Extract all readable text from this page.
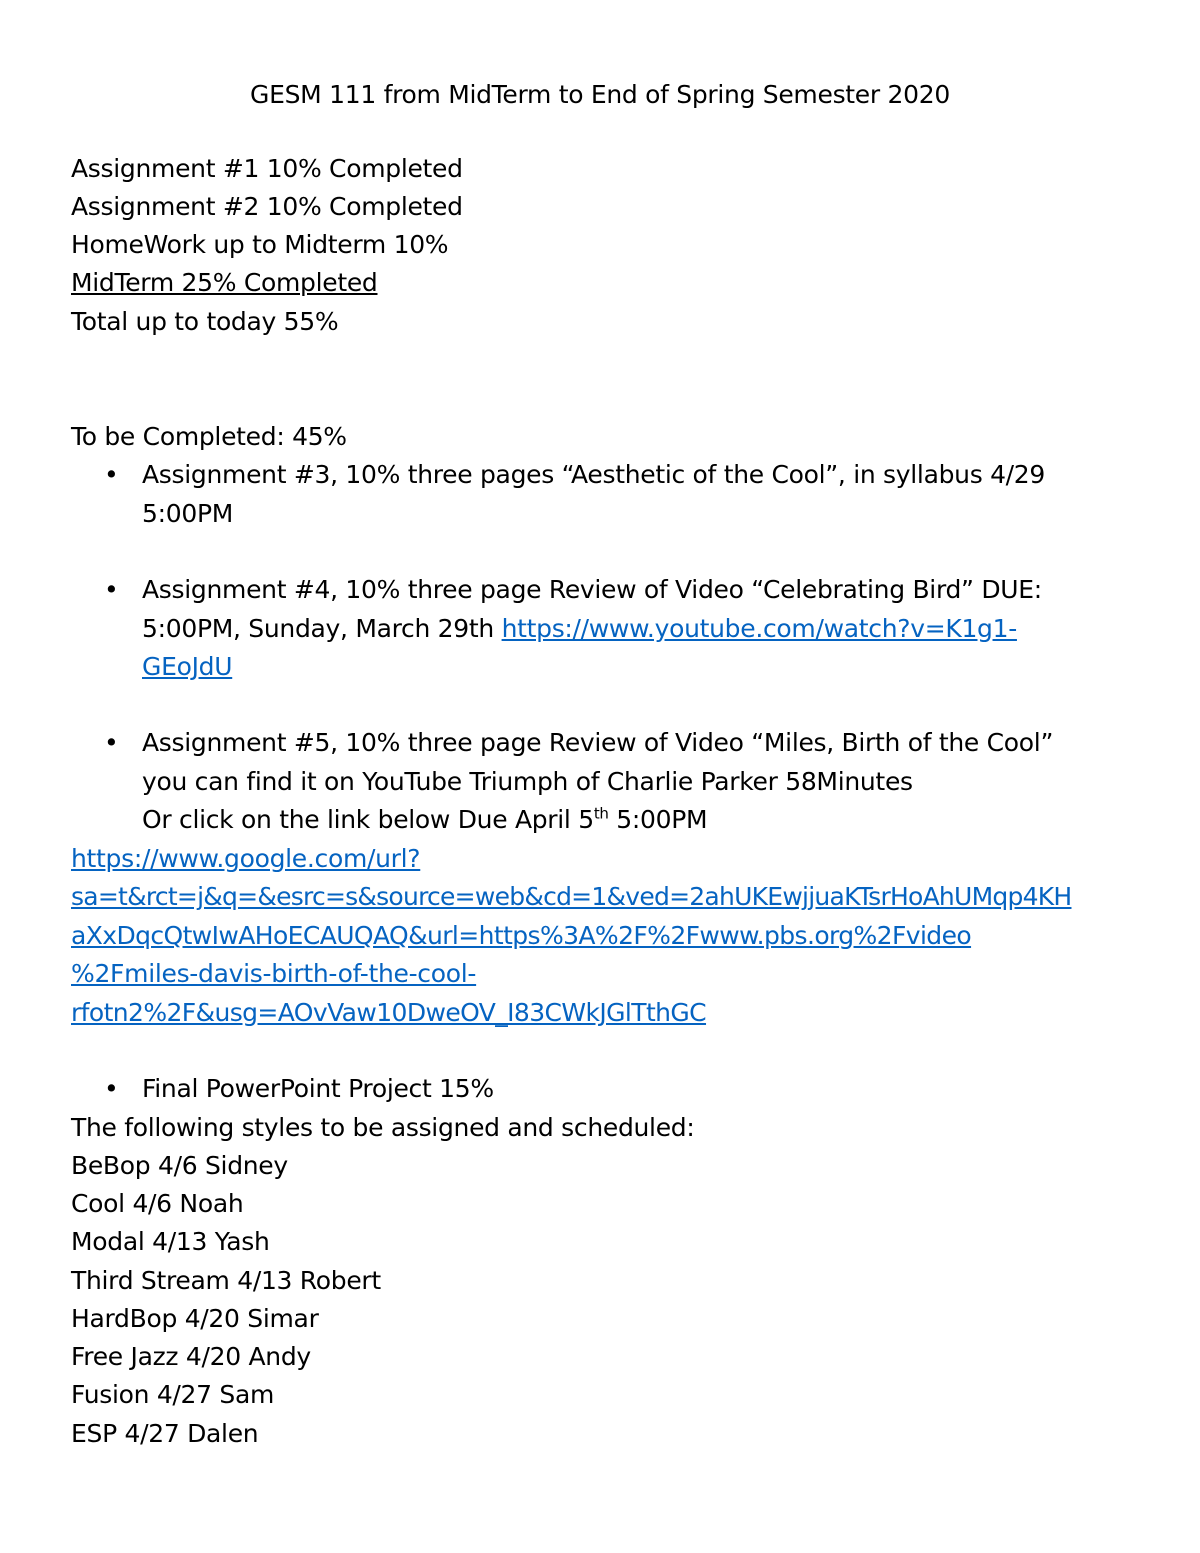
GESM 111 from MidTerm to End of Spring Semester 2020
Assignment #1 10% Completed
Assignment #2 10% Completed
HomeWork up to Midterm 10%
MidTerm 25% Completed
Total up to today 55%
To be Completed: 45%
• Assignment #3, 10% three pages “Aesthetic of the Cool”, in syllabus 4/29
5:00PM
• Assignment #4, 10% three page Review of Video “Celebrating Bird” DUE:
5:00PM, Sunday, March 29th https://www.youtube.com/watch?v=K1g1-
GEoJdU
• Assignment #5, 10% three page Review of Video “Miles, Birth of the Cool”
you can find it on YouTube Triumph of Charlie Parker 58Minutes
Or click on the link below Due April 5th 5:00PM
https://www.google.com/url?
sa=t&rct=j&q=&esrc=s&source=web&cd=1&ved=2ahUKEwjjuaKTsrHoAhUMqp4KH
aXxDqcQtwIwAHoECAUQAQ&url=https%3A%2F%2Fwww.pbs.org%2Fvideo
%2Fmiles-davis-birth-of-the-cool-
rfotn2%2F&usg=AOvVaw10DweOV_I83CWkJGlTthGC
• Final PowerPoint Project 15%
The following styles to be assigned and scheduled:
BeBop 4/6 Sidney
Cool 4/6 Noah
Modal 4/13 Yash
Third Stream 4/13 Robert
HardBop 4/20 Simar
Free Jazz 4/20 Andy
Fusion 4/27 Sam
ESP 4/27 Dalen
